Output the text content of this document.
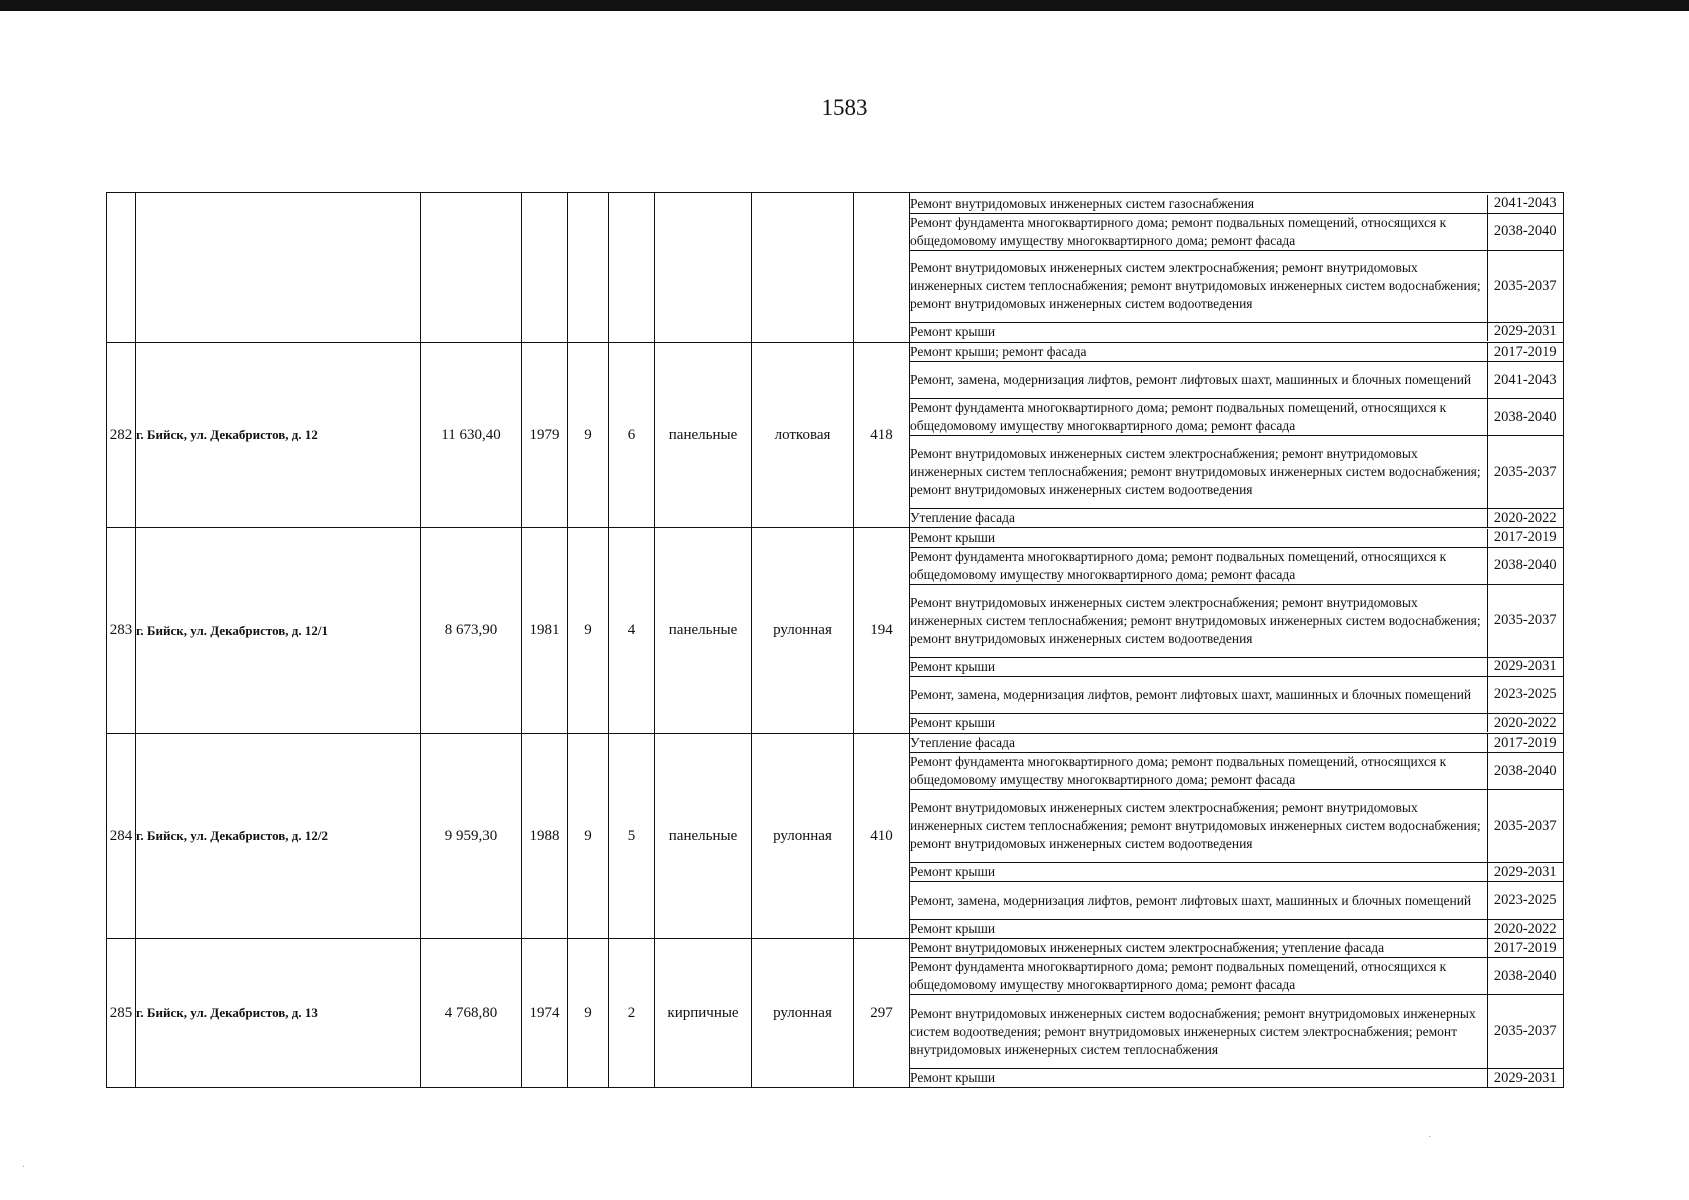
1583

Ремонт внутридомовых инженерных систем газоснабжения	2041-2043
Ремонт фундамента многоквартирного дома; ремонт подвальных помещений, относящихся к общедомовому имуществу многоквартирного дома; ремонт фасада	2038-2040
Ремонт внутридомовых инженерных систем электроснабжения; ремонт внутридомовых инженерных систем теплоснабжения; ремонт внутридомовых инженерных систем водоснабжения; ремонт внутридомовых инженерных систем водоотведения	2035-2037
Ремонт крыши	2029-2031

282	г. Бийск, ул. Декабристов, д. 12	11 630,40	1979	9	6	панельные	лотковая	418	
Ремонт крыши; ремонт фасада	2017-2019
Ремонт, замена, модернизация лифтов, ремонт лифтовых шахт, машинных и блочных помещений	2041-2043
Ремонт фундамента многоквартирного дома; ремонт подвальных помещений, относящихся к общедомовому имуществу многоквартирного дома; ремонт фасада	2038-2040
Ремонт внутридомовых инженерных систем электроснабжения; ремонт внутридомовых инженерных систем теплоснабжения; ремонт внутридомовых инженерных систем водоснабжения; ремонт внутридомовых инженерных систем водоотведения	2035-2037
Утепление фасада	2020-2022

283	г. Бийск, ул. Декабристов, д. 12/1	8 673,90	1981	9	4	панельные	рулонная	194	
Ремонт крыши	2017-2019
Ремонт фундамента многоквартирного дома; ремонт подвальных помещений, относящихся к общедомовому имуществу многоквартирного дома; ремонт фасада	2038-2040
Ремонт внутридомовых инженерных систем электроснабжения; ремонт внутридомовых инженерных систем теплоснабжения; ремонт внутридомовых инженерных систем водоснабжения; ремонт внутридомовых инженерных систем водоотведения	2035-2037
Ремонт крыши	2029-2031
Ремонт, замена, модернизация лифтов, ремонт лифтовых шахт, машинных и блочных помещений	2023-2025
Ремонт крыши	2020-2022

284	г. Бийск, ул. Декабристов, д. 12/2	9 959,30	1988	9	5	панельные	рулонная	410	
Утепление фасада	2017-2019
Ремонт фундамента многоквартирного дома; ремонт подвальных помещений, относящихся к общедомовому имуществу многоквартирного дома; ремонт фасада	2038-2040
Ремонт внутридомовых инженерных систем электроснабжения; ремонт внутридомовых инженерных систем теплоснабжения; ремонт внутридомовых инженерных систем водоснабжения; ремонт внутридомовых инженерных систем водоотведения	2035-2037
Ремонт крыши	2029-2031
Ремонт, замена, модернизация лифтов, ремонт лифтовых шахт, машинных и блочных помещений	2023-2025
Ремонт крыши	2020-2022

285	г. Бийск, ул. Декабристов, д. 13	4 768,80	1974	9	2	кирпичные	рулонная	297	
Ремонт внутридомовых инженерных систем электроснабжения; утепление фасада	2017-2019
Ремонт фундамента многоквартирного дома; ремонт подвальных помещений, относящихся к общедомовому имуществу многоквартирного дома; ремонт фасада	2038-2040
Ремонт внутридомовых инженерных систем водоснабжения; ремонт внутридомовых инженерных систем водоотведения; ремонт внутридомовых инженерных систем электроснабжения; ремонт внутридомовых инженерных систем теплоснабжения	2035-2037
Ремонт крыши	2029-2031
·
·
